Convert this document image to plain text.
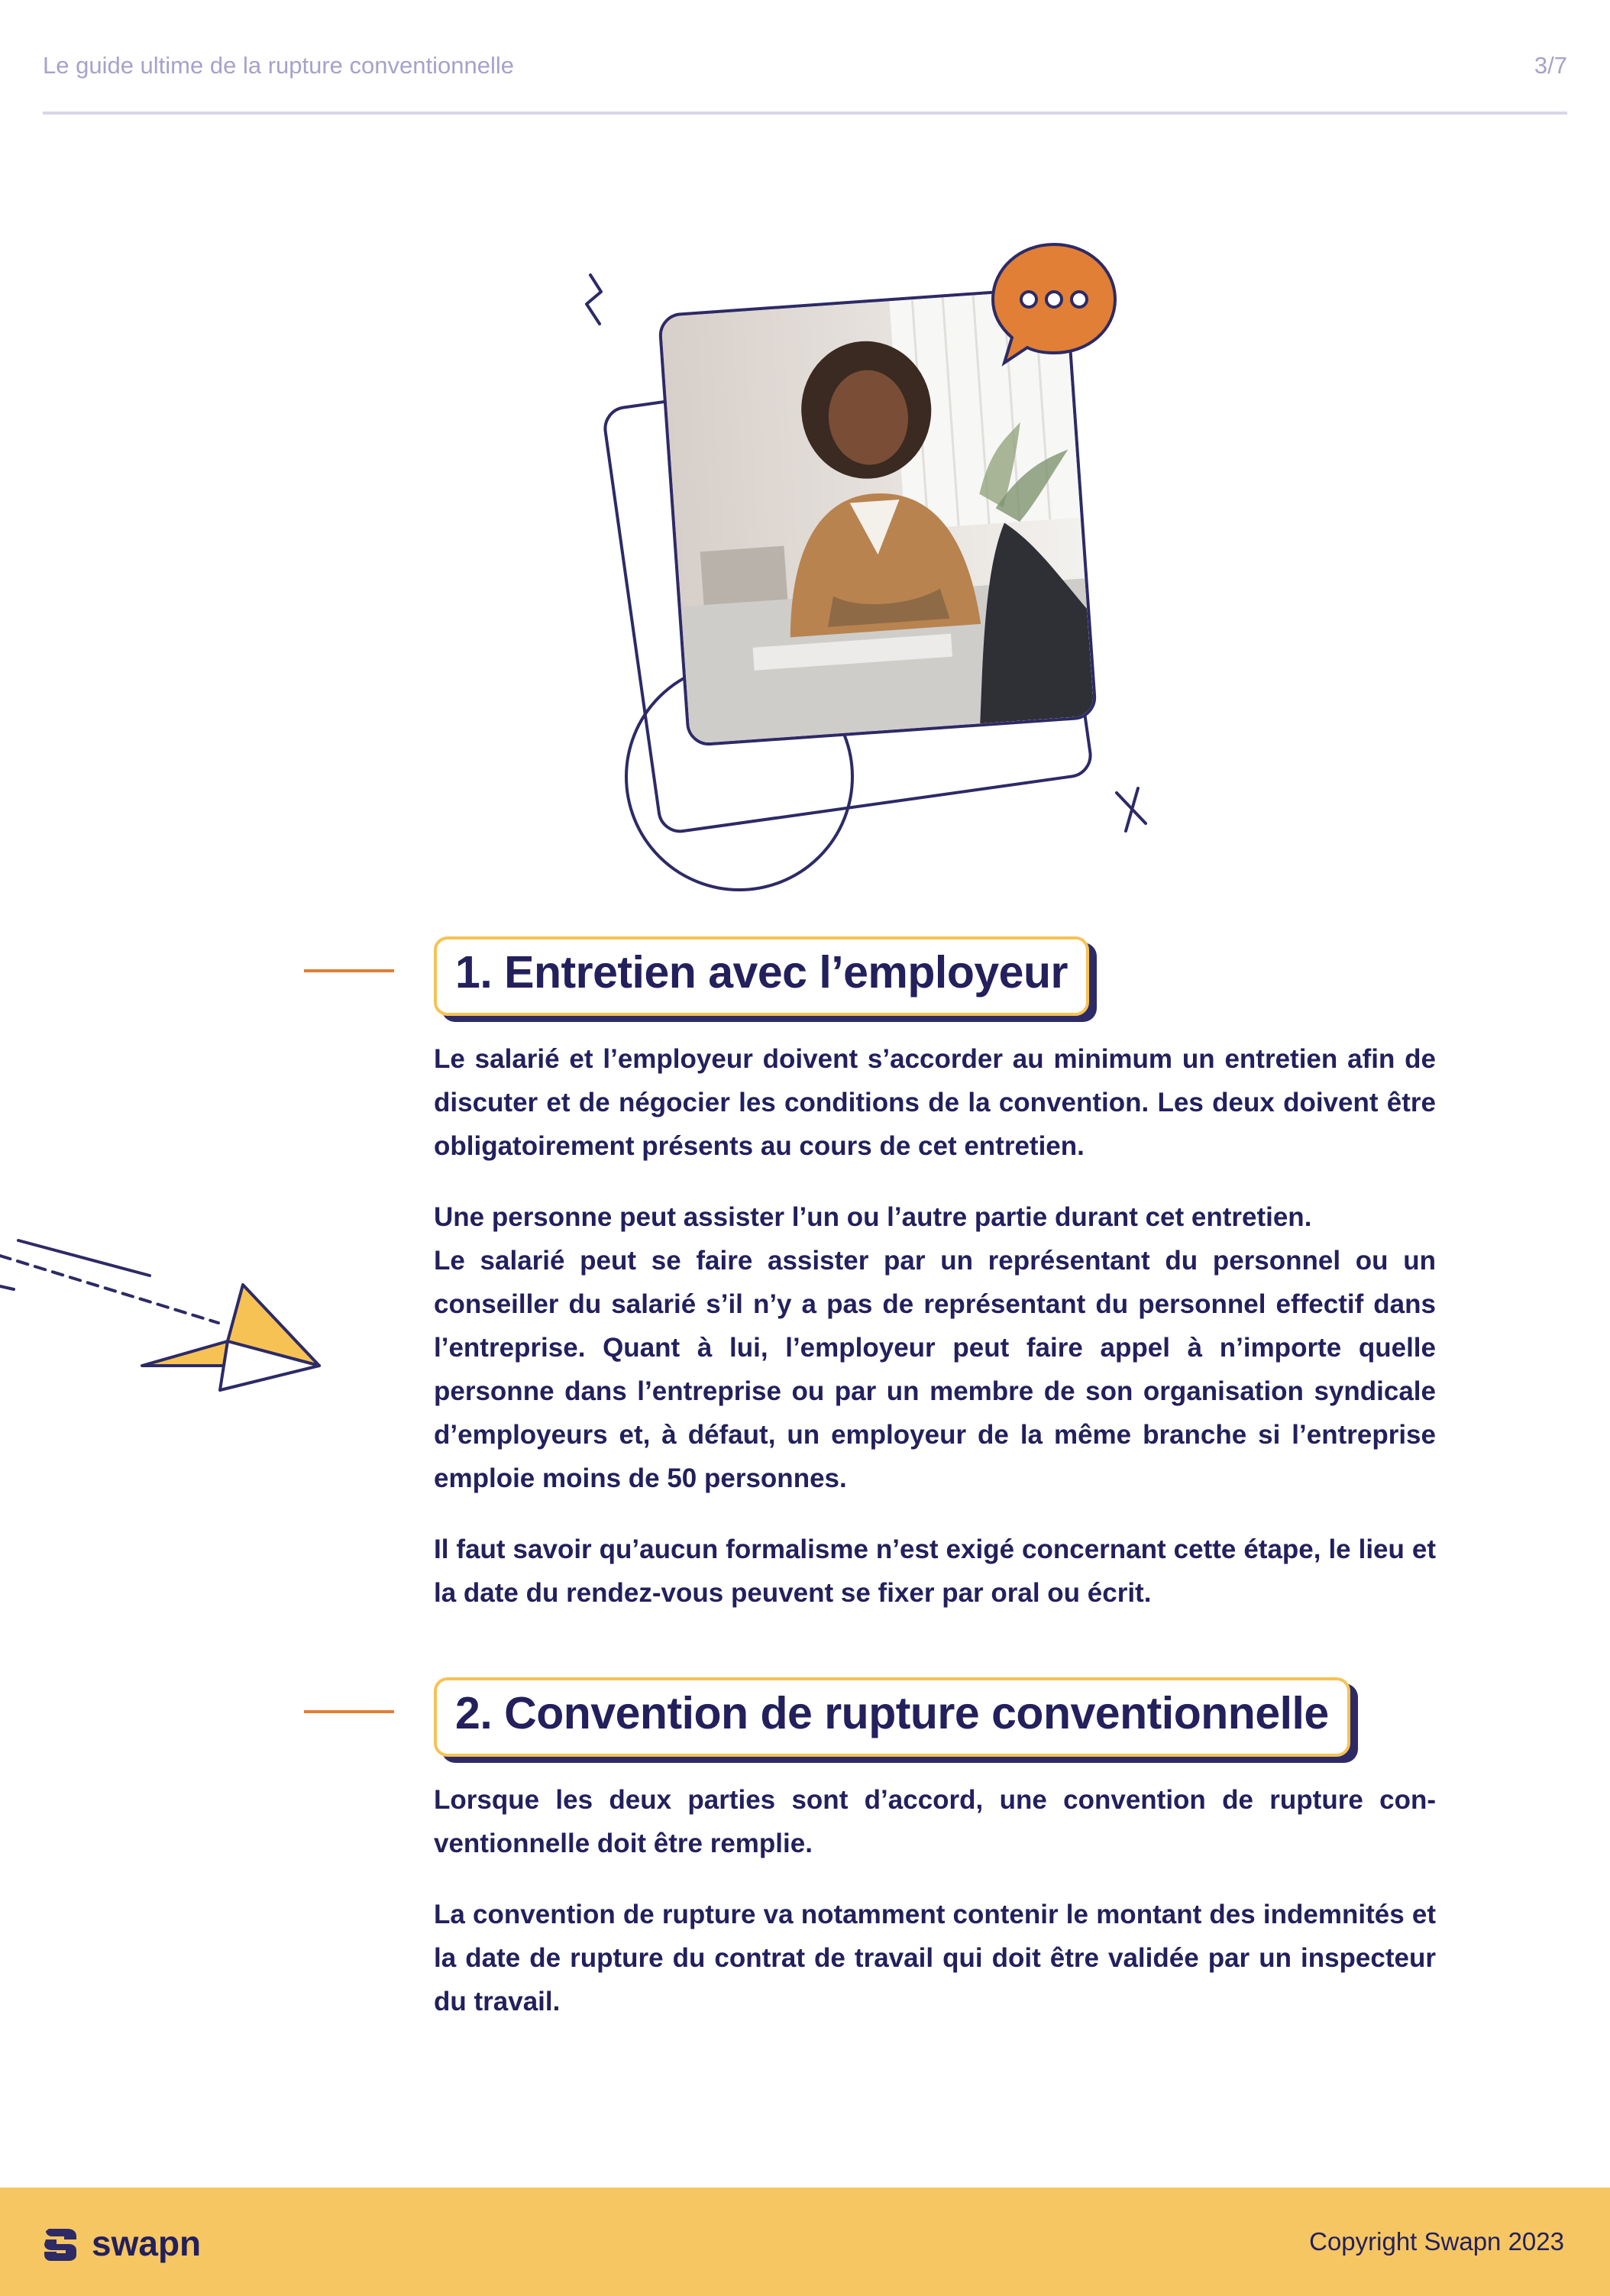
Le guide ultime de la rupture conventionnelle	3/7
1. Entretien avec l’employeur

Le salarié et l’employeur doivent s’accorder au minimum un entretien afin de discuter et de négocier les conditions de la convention. Les deux doivent être obligatoirement présents au cours de cet entretien.

Une personne peut assister l’un ou l’autre partie durant cet entretien.

Le salarié peut se faire assister par un représentant du personnel ou un conseiller du salarié s’il n’y a pas de représentant du personnel effectif dans l’entreprise. Quant à lui, l’employeur peut faire appel à n’importe quelle personne dans l’entreprise ou par un membre de son organisation syndicale d’employeurs et, à défaut, un employeur de la même branche si l’entreprise emploie moins de 50 personnes.

Il faut savoir qu’aucun formalisme n’est exigé concernant cette étape, le lieu et la date du rendez-vous peuvent se fixer par oral ou écrit.

2. Convention de rupture conventionnelle

Lorsque les deux parties sont d’accord, une convention de rupture con-ventionnelle doit être remplie.

La convention de rupture va notamment contenir le montant des indemnités et la date de rupture du contrat de travail qui doit être validée par un inspecteur du travail.

swapn	Copyright Swapn 2023
